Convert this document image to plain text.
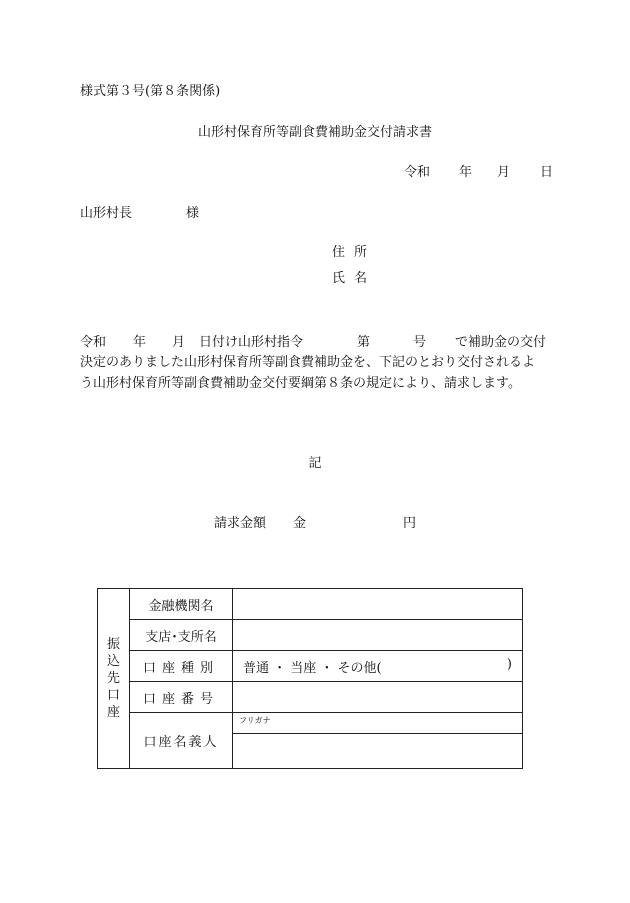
様式第３号(第８条関係)
山形村保育所等副食費補助金交付請求書
令和 年 月 日
山形村長	様
住所
氏名
令和 年 月 日付け山形村指令	第	号 で補助金の交付
決定のありました山形村保育所等副食費補助金を、下記のとおり交付されるよ
う山形村保育所等副食費補助金交付要綱第８条の規定により、請求します。
記
請求金額 金	円
振込先口座	金融機関名	
	支店･支所名	
	口座種別	普通 ・ 当座 ・ その他( )

	口座番号	
	口座名義人	フリガナ
